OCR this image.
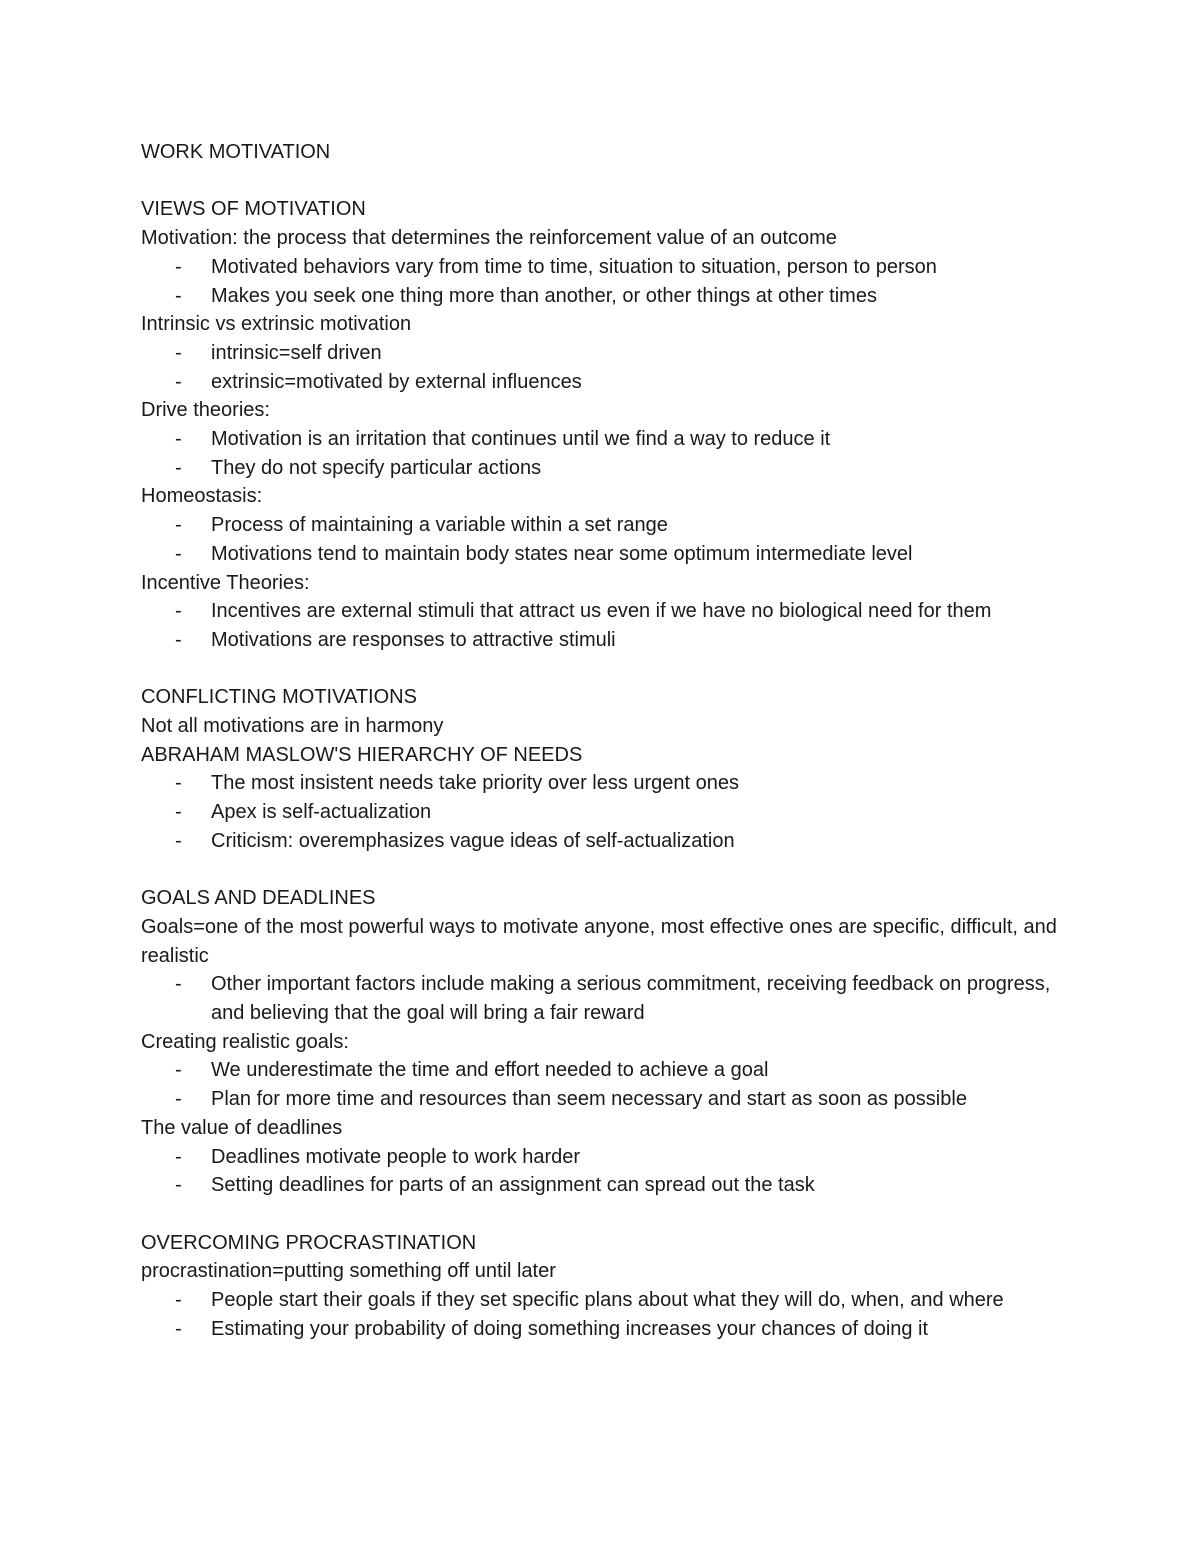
WORK MOTIVATION

VIEWS OF MOTIVATION

Motivation: the process that determines the reinforcement value of an outcome

- Motivated behaviors vary from time to time, situation to situation, person to person
- Makes you seek one thing more than another, or other things at other times

Intrinsic vs extrinsic motivation

- intrinsic=self driven
- extrinsic=motivated by external influences

Drive theories:

- Motivation is an irritation that continues until we find a way to reduce it
- They do not specify particular actions

Homeostasis:

- Process of maintaining a variable within a set range
- Motivations tend to maintain body states near some optimum intermediate level

Incentive Theories:

- Incentives are external stimuli that attract us even if we have no biological need for them
- Motivations are responses to attractive stimuli

CONFLICTING MOTIVATIONS

Not all motivations are in harmony

ABRAHAM MASLOW'S HIERARCHY OF NEEDS

- The most insistent needs take priority over less urgent ones
- Apex is self-actualization
- Criticism: overemphasizes vague ideas of self-actualization

GOALS AND DEADLINES

Goals=one of the most powerful ways to motivate anyone, most effective ones are specific, difficult, and realistic

- Other important factors include making a serious commitment, receiving feedback on progress, and believing that the goal will bring a fair reward

Creating realistic goals:

- We underestimate the time and effort needed to achieve a goal
- Plan for more time and resources than seem necessary and start as soon as possible

The value of deadlines

- Deadlines motivate people to work harder
- Setting deadlines for parts of an assignment can spread out the task

OVERCOMING PROCRASTINATION

procrastination=putting something off until later

- People start their goals if they set specific plans about what they will do, when, and where
- Estimating your probability of doing something increases your chances of doing it
